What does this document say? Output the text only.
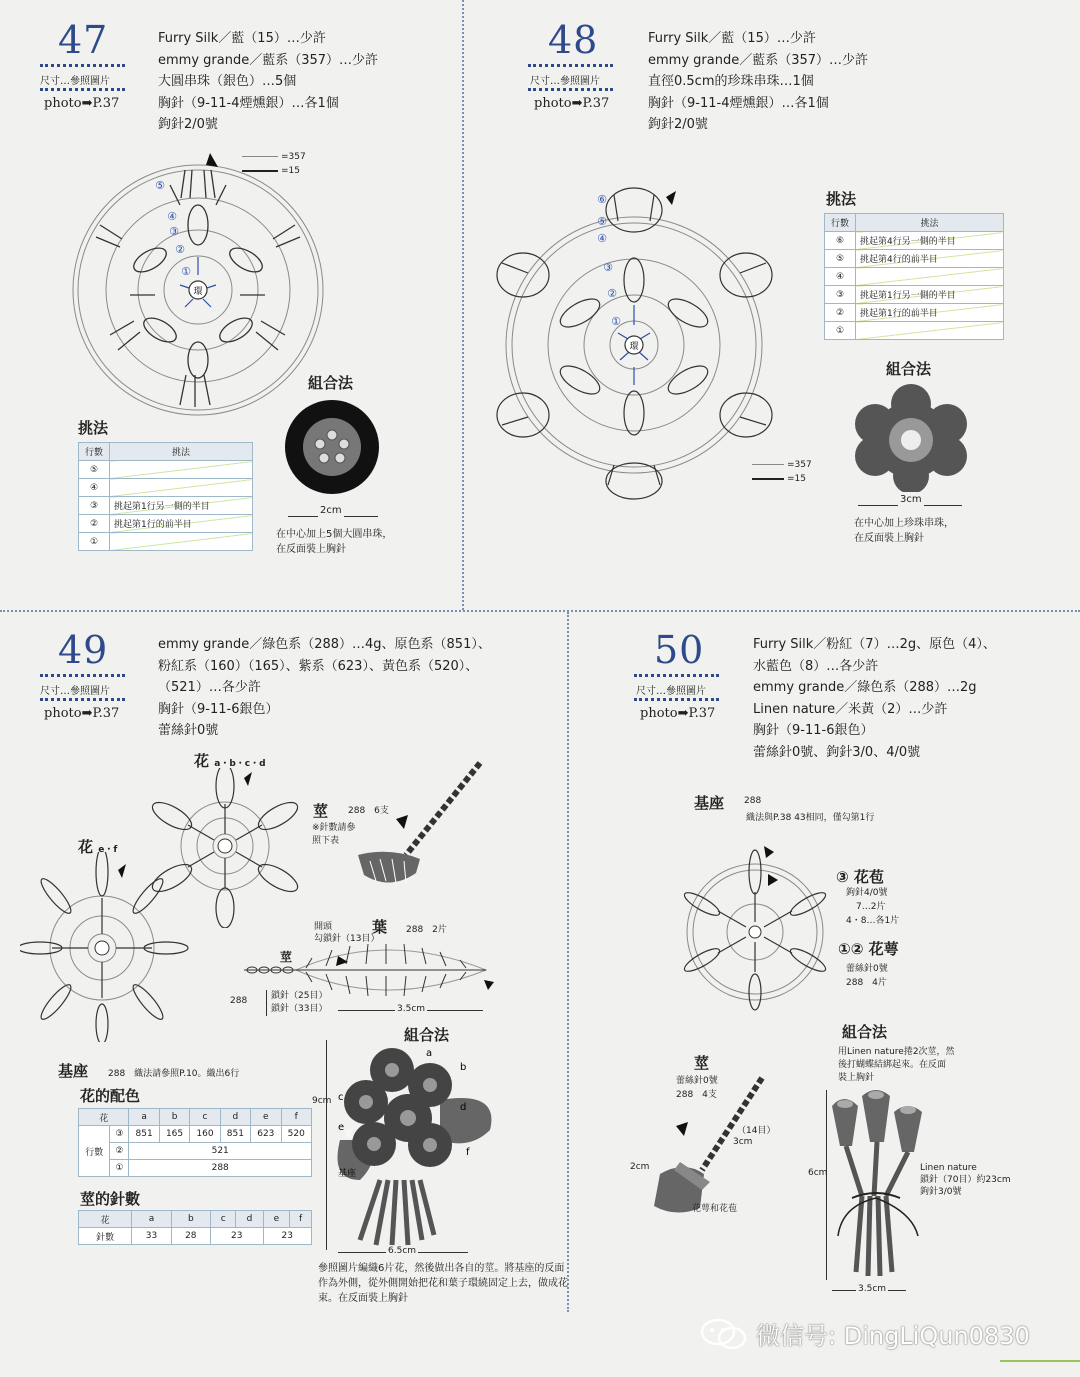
47
尺寸…參照圖片
photo➡P.37
Furry Silk／藍（15）…少許
emmy grande／藍系（357）…少許
大圓串珠（銀色）…5個
胸針（9-11-4煙燻銀）…各1個
鉤針2/0號
環
⑤
④
③
②
①
=357
=15
挑法
行數	挑法
⑤	
④	
③	挑起第1行另一側的半目
②	挑起第1行的前半目
①	
組合法
2cm
在中心加上5個大圓串珠，
在反面裝上胸針
48
尺寸…參照圖片
photo➡P.37
Furry Silk／藍（15）…少許
emmy grande／藍系（357）…少許
直徑0.5cm的珍珠串珠…1個
胸針（9-11-4煙燻銀）…各1個
鉤針2/0號
環
⑥
⑤
④
③
②
①
=357
=15
挑法
行數	挑法
⑥	挑起第4行另一側的半目
⑤	挑起第4行的前半目
④	
③	挑起第1行另一側的半目
②	挑起第1行的前半目
①	
組合法
3cm
在中心加上珍珠串珠，
在反面裝上胸針
49
尺寸…參照圖片
photo➡P.37
emmy grande／綠色系（288）…4g、原色系（851）、
粉紅系（160）（165）、紫系（623）、黃色系（520）、
（521）…各少許
胸針（9-11-6銀色）
蕾絲針0號
花 a・b・c・d
花 e・f
莖 288　6支
※針數請參
照下表
開頭
勾鎖針（13目）
葉 288　2片
莖
288	鎖針（25目）
鎖針（33目）	3.5cm
基座 288　織法請參照P.10。織出6行
花的配色
花		a	b	c	d	e	f
行數	③	851	165	160	851	623	520
	②	521					
	①	288					
莖的針數
花	a	b	c	d	e	f
針數	33	28	23		23	
組合法
a
b
c
d
e
f
葉
基座
9cm
6.5cm
參照圖片編織6片花，然後做出各自的莖。將基座的反面
作為外側，從外側開始把花和葉子環繞固定上去，做成花
束。在反面裝上胸針
50
尺寸…參照圖片
photo➡P.37
Furry Silk／粉紅（7）…2g、原色（4）、
水藍色（8）…各少許
emmy grande／綠色系（288）…2g
Linen nature／米黃（2）…少許
胸針（9-11-6銀色）
蕾絲針0號、鉤針3/0、4/0號
基座 288
織法與P.38 43相同，僅勾第1行
③ 花苞
鉤針4/0號
7…2片
4・8…各1片
①② 花萼
蕾絲針0號
288　4片
莖
蕾絲針0號
288　4支
（14目）
3cm
2cm
花萼和花苞
組合法
用Linen nature捲2次莖，然
後打蝴蝶結綁起來。在反面
裝上胸針
6cm	Linen nature
鎖針（70目）約23cm
鉤針3/0號
3.5cm
微信号: DingLiQun0830
